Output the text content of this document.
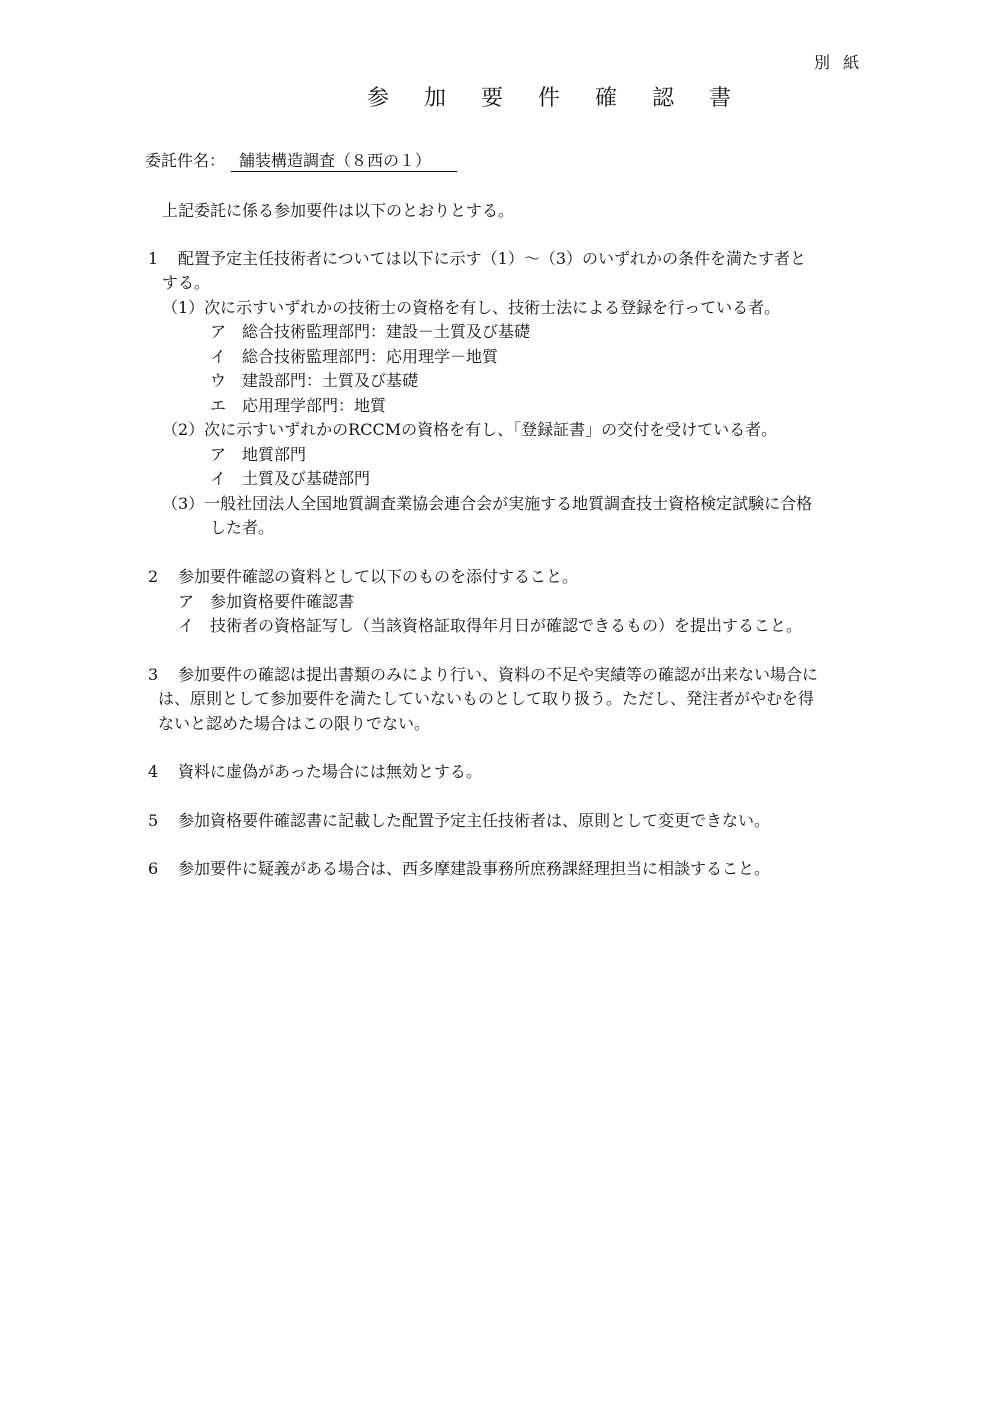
別 紙
参 加 要 件 確 認 書
委託件名： 舗装構造調査（８西の１）
上記委託に係る参加要件は以下のとおりとする。
1 配置予定主任技術者については以下に示す（1）～（3）のいずれかの条件を満たす者と
する。
（1）次に示すいずれかの技術士の資格を有し、技術士法による登録を行っている者。
ア　総合技術監理部門：建設－土質及び基礎
イ　総合技術監理部門：応用理学－地質
ウ　建設部門：土質及び基礎
エ　応用理学部門：地質
（2）次に示すいずれかのRCCMの資格を有し、「登録証書」の交付を受けている者。
ア　地質部門
イ　土質及び基礎部門
（3）一般社団法人全国地質調査業協会連合会が実施する地質調査技士資格検定試験に合格
した者。
2 参加要件確認の資料として以下のものを添付すること。
ア　参加資格要件確認書
イ　技術者の資格証写し（当該資格証取得年月日が確認できるもの）を提出すること。
3 参加要件の確認は提出書類のみにより行い、資料の不足や実績等の確認が出来ない場合に
は、原則として参加要件を満たしていないものとして取り扱う。ただし、発注者がやむを得
ないと認めた場合はこの限りでない。
4 資料に虚偽があった場合には無効とする。
5 参加資格要件確認書に記載した配置予定主任技術者は、原則として変更できない。
6 参加要件に疑義がある場合は、西多摩建設事務所庶務課経理担当に相談すること。
